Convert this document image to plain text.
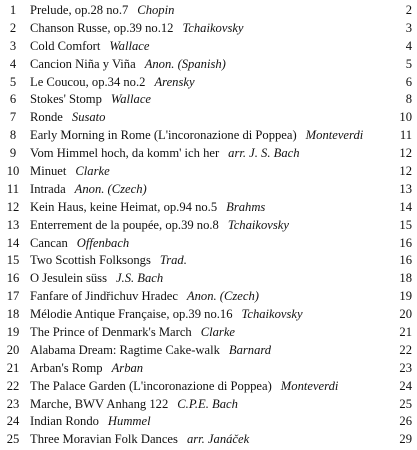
1	Prelude, op.28 no.7 Chopin	2
2	Chanson Russe, op.39 no.12 Tchaikovsky	3
3	Cold Comfort Wallace	4
4	Cancion Niña y Viña Anon. (Spanish)	5
5	Le Coucou, op.34 no.2 Arensky	6
6	Stokes' Stomp Wallace	8
7	Ronde Susato	10
8	Early Morning in Rome (L'incoronazione di Poppea) Monteverdi	11
9	Vom Himmel hoch, da komm' ich her arr. J. S. Bach	12
10 Minuet Clarke	12
11 Intrada Anon. (Czech)	13
12 Kein Haus, keine Heimat, op.94 no.5 Brahms	14
13 Enterrement de la poupée, op.39 no.8 Tchaikovsky	15
14 Cancan Offenbach	16
15 Two Scottish Folksongs Trad.	16
16 O Jesulein süss J.S. Bach	18
17 Fanfare of Jindřichuv Hradec Anon. (Czech)	19
18 Mélodie Antique Française, op.39 no.16 Tchaikovsky	20
19 The Prince of Denmark's March Clarke	21
20 Alabama Dream: Ragtime Cake-walk Barnard	22
21 Arban's Romp Arban	23
22 The Palace Garden (L'incoronazione di Poppea) Monteverdi	24
23 Marche, BWV Anhang 122 C.P.E. Bach	25
24 Indian Rondo Hummel	26
25 Three Moravian Folk Dances arr. Janáček	29
